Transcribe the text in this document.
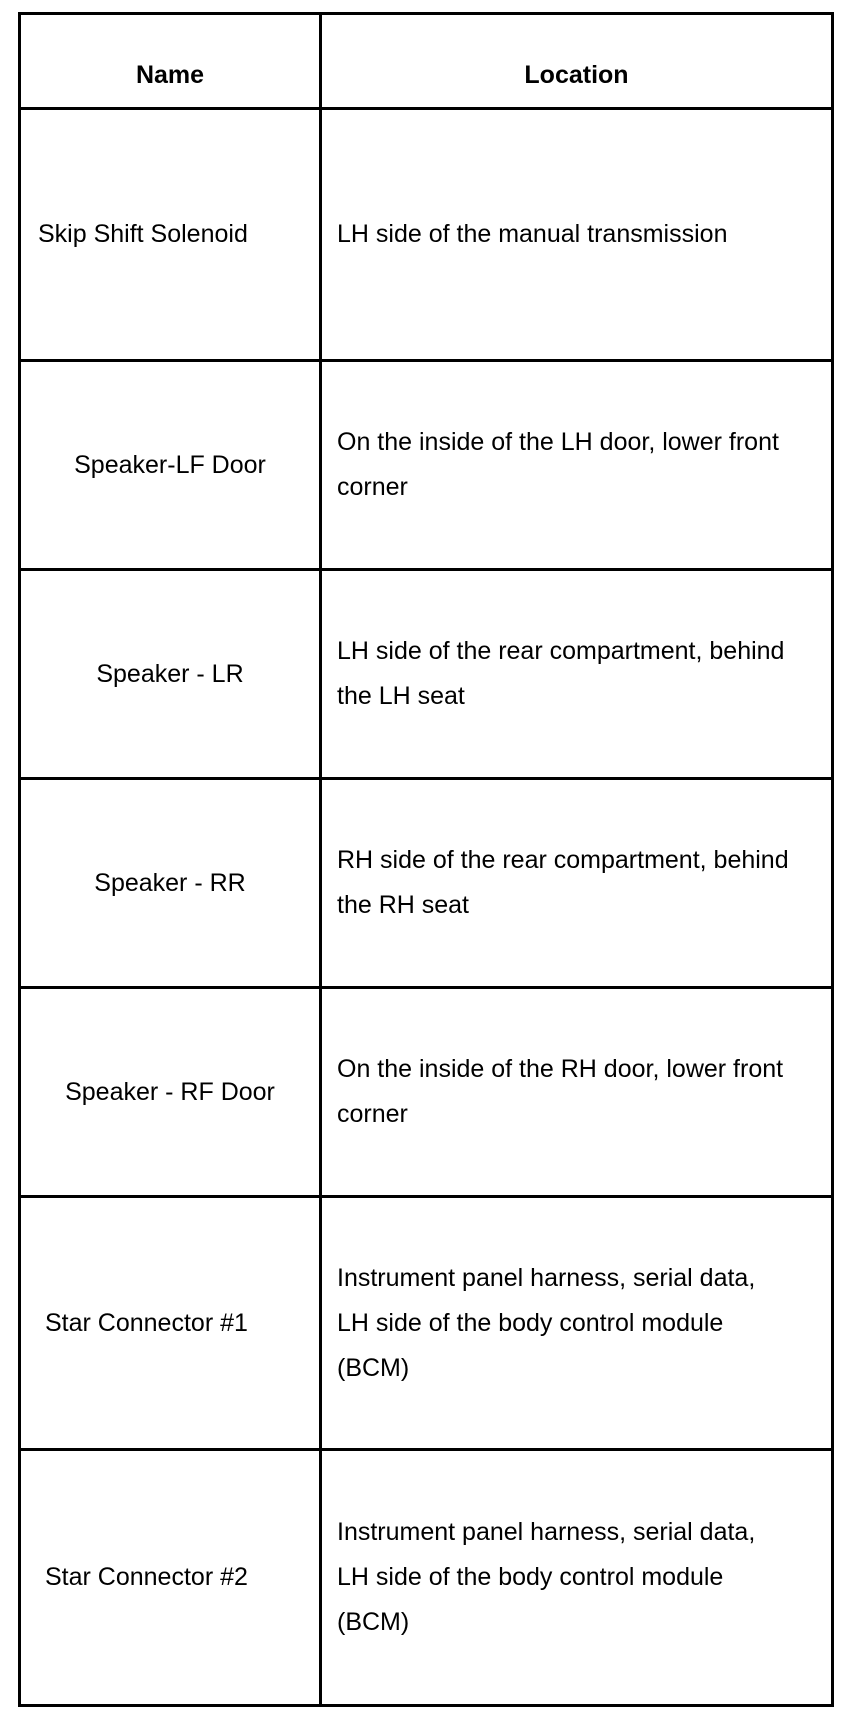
Name	Location
Skip Shift Solenoid	LH side of the manual transmission
Speaker-LF Door
On the inside of the LH door, lower front corner
Speaker - LR
LH side of the rear compartment, behind the LH seat
Speaker - RR
RH side of the rear compartment, behind the RH seat
Speaker - RF Door
On the inside of the RH door, lower front corner
Star Connector #1
Instrument panel harness, serial data, LH side of the body control module (BCM)
Star Connector #2
Instrument panel harness, serial data, LH side of the body control module (BCM)
